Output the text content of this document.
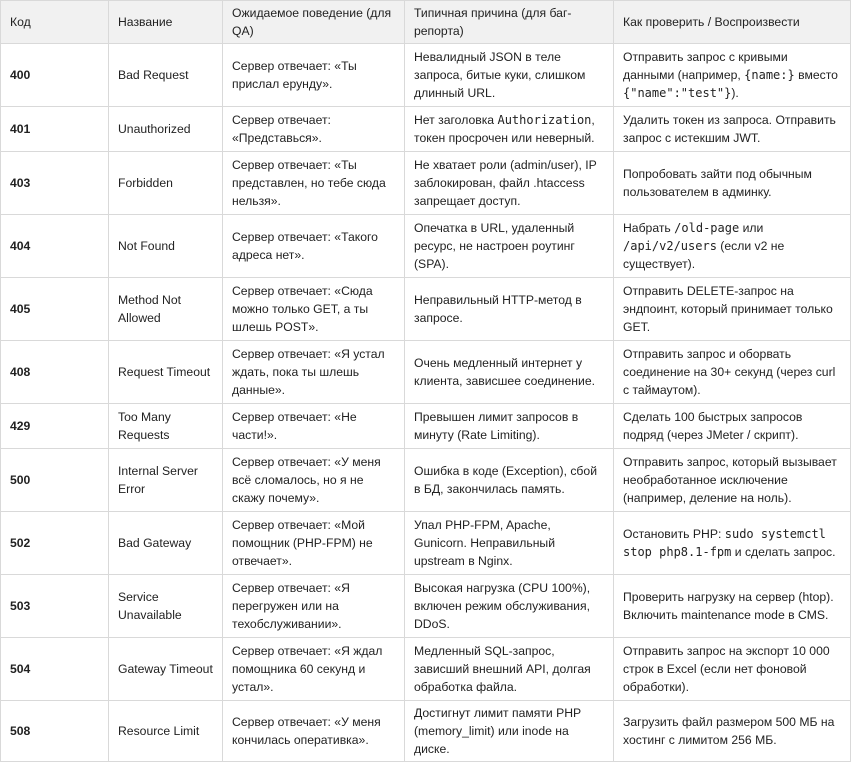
Код	Название	Ожидаемое поведение (для QA)	Типичная причина (для баг-репорта)	Как проверить / Воспроизвести
400	Bad Request	Сервер отвечает: «Ты прислал ерунду».	Невалидный JSON в теле запроса, битые куки, слишком длинный URL.	Отправить запрос с кривыми данными (например, {name:} вместо {"name":"test"}).
401	Unauthorized	Сервер отвечает: «Представься».	Нет заголовка Authorization, токен просрочен или неверный.	Удалить токен из запроса. Отправить запрос с истекшим JWT.
403	Forbidden	Сервер отвечает: «Ты представлен, но тебе сюда нельзя».	Не хватает роли (admin/user), IP заблокирован, файл .htaccess запрещает доступ.	Попробовать зайти под обычным пользователем в админку.
404	Not Found	Сервер отвечает: «Такого адреса нет».	Опечатка в URL, удаленный ресурс, не настроен роутинг (SPA).	Набрать /old-page или /api/v2/users (если v2 не существует).
405	Method Not Allowed	Сервер отвечает: «Сюда можно только GET, а ты шлешь POST».	Неправильный HTTP-метод в запросе.	Отправить DELETE-запрос на эндпоинт, который принимает только GET.
408	Request Timeout	Сервер отвечает: «Я устал ждать, пока ты шлешь данные».	Очень медленный интернет у клиента, зависшее соединение.	Отправить запрос и оборвать соединение на 30+ секунд (через curl с таймаутом).
429	Too Many Requests	Сервер отвечает: «Не части!».	Превышен лимит запросов в минуту (Rate Limiting).	Сделать 100 быстрых запросов подряд (через JMeter / скрипт).
500	Internal Server Error	Сервер отвечает: «У меня всё сломалось, но я не скажу почему».	Ошибка в коде (Exception), сбой в БД, закончилась память.	Отправить запрос, который вызывает необработанное исключение (например, деление на ноль).
502	Bad Gateway	Сервер отвечает: «Мой помощник (PHP-FPM) не отвечает».	Упал PHP-FPM, Apache, Gunicorn. Неправильный upstream в Nginx.	Остановить PHP: sudo systemctl stop php8.1-fpm и сделать запрос.
503	Service Unavailable	Сервер отвечает: «Я перегружен или на техобслуживании».	Высокая нагрузка (CPU 100%), включен режим обслуживания, DDoS.	Проверить нагрузку на сервер (htop). Включить maintenance mode в CMS.
504	Gateway Timeout	Сервер отвечает: «Я ждал помощника 60 секунд и устал».	Медленный SQL-запрос, зависший внешний API, долгая обработка файла.	Отправить запрос на экспорт 10 000 строк в Excel (если нет фоновой обработки).
508	Resource Limit	Сервер отвечает: «У меня кончилась оперативка».	Достигнут лимит памяти PHP (memory_limit) или inode на диске.	Загрузить файл размером 500 МБ на хостинг с лимитом 256 МБ.
